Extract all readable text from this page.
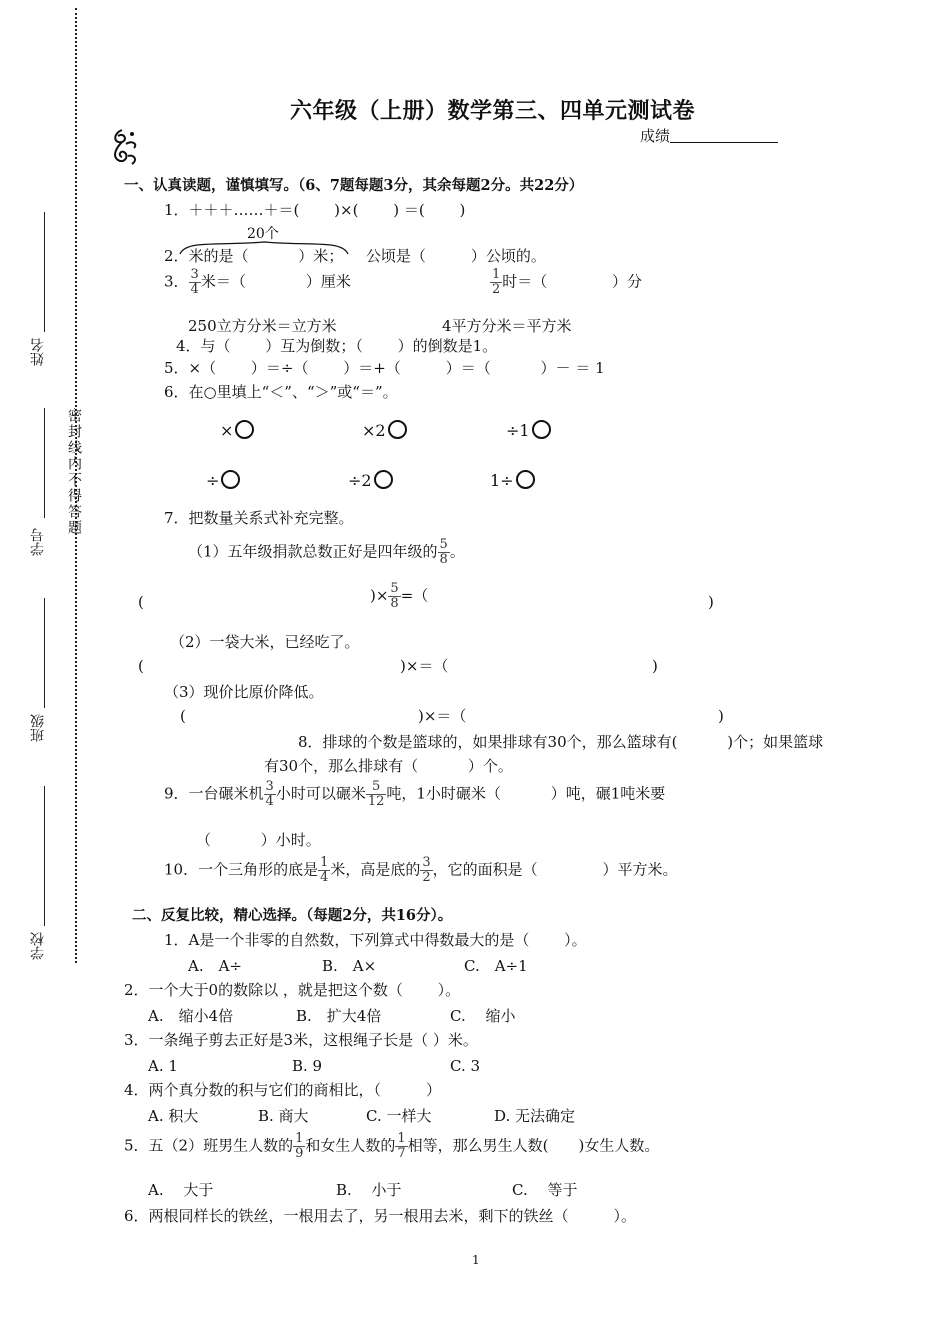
姓名
学号
班级
学校
密封线内不得答题
六年级（上册）数学第三、四单元测试卷
成绩
一、认真读题，谨慎填写。（6、7题每题3分，其余每题2分。共22分）
1．＋＋＋……＋＝(　　 )×(　　 ) ＝(　　 )
20个
2．米的是（　　　 ）米；　　公顷是（　　　）公顷的。
3． $\frac{3}{4}$ 米＝（　　　　）厘米	$\frac{1}{2}$ 时＝（　　　　 ）分
250立方分米＝立方米	4平方分米＝平方米
4．与（　　 ）互为倒数；（　　 ）的倒数是1。
5．×（　　 ）＝÷（　　 ）＝+（　　　）＝（　　　 ）－ ＝ 1
6．在○里填上“＜”、“＞”或“＝”。
×	×2	÷1
÷	÷2	1÷
7．把数量关系式补充完整。
（1）五年级捐款总数正好是四年级的 $\frac{5}{8}$ 。
(	)× $\frac{5}{8}$ =（	)
（2）一袋大米，已经吃了。
(	)×＝（	)
（3）现价比原价降低。
(	)×＝（	)
8．排球的个数是篮球的，如果排球有30个，那么篮球有(　　　 )个；如果篮球
有30个，那么排球有（　　　 ）个。
9．一台碾米机 $\frac{3}{4}$ 小时可以碾米 $\frac{5}{12}$ 吨，1小时碾米（　　　 ）吨，碾1吨米要
（　　　 ）小时。
10．一个三角形的底是 $\frac{1}{4}$ 米，高是底的 $\frac{3}{2}$ ，它的面积是（　　　　 ）平方米。
二、反复比较，精心选择。（每题2分，共16分）。
1．A是一个非零的自然数，下列算式中得数最大的是（　　 ）。
A.　A÷	B.　A×	C.　A÷1
2．一个大于0的数除以 ，就是把这个数（　　 ）。
A.　缩小4倍	B.　扩大4倍	C.　 缩小
3．一条绳子剪去正好是3米，这根绳子长是（ ）米。
A. 1	B. 9	C. 3
4．两个真分数的积与它们的商相比，（　　　）
A. 积大	B. 商大	C. 一样大	D. 无法确定
5．五（2）班男生人数的 $\frac{1}{9}$ 和女生人数的 $\frac{1}{7}$ 相等，那么男生人数(　　)女生人数。
A.　 大于	B.　 小于	C.　 等于
6．两根同样长的铁丝，一根用去了，另一根用去米，剩下的铁丝（　　　）。
1
